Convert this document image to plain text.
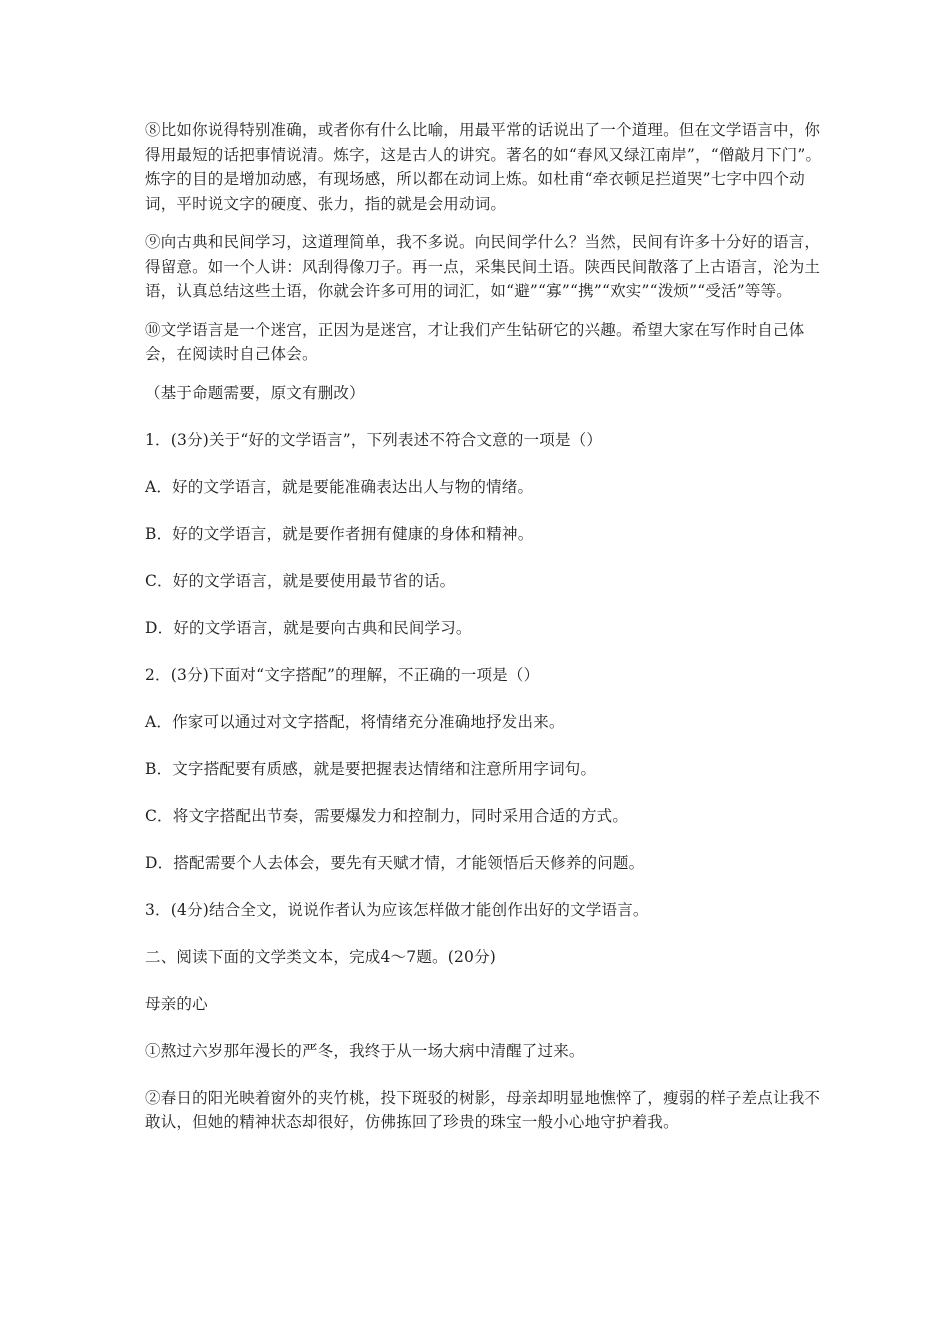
⑧比如你说得特别准确，或者你有什么比喻，用最平常的话说出了一个道理。但在文学语言中，你得用最短的话把事情说清。炼字，这是古人的讲究。著名的如“春风又绿江南岸”，“僧敲月下门”。炼字的目的是增加动感，有现场感，所以都在动词上炼。如杜甫“牵衣顿足拦道哭”七字中四个动词，平时说文字的硬度、张力，指的就是会用动词。

⑨向古典和民间学习，这道理简单，我不多说。向民间学什么？当然，民间有许多十分好的语言，得留意。如一个人讲：风刮得像刀子。再一点，采集民间土语。陕西民间散落了上古语言，沦为土语，认真总结这些土语，你就会许多可用的词汇，如“避”“寡”“携”“欢实”“泼烦”“受活”等等。

⑩文学语言是一个迷宫，正因为是迷宫，才让我们产生钻研它的兴趣。希望大家在写作时自己体会，在阅读时自己体会。

（基于命题需要，原文有删改）

1．(3分)关于“好的文学语言”，下列表述不符合文意的一项是（）

A．好的文学语言，就是要能准确表达出人与物的情绪。

B．好的文学语言，就是要作者拥有健康的身体和精神。

C．好的文学语言，就是要使用最节省的话。

D．好的文学语言，就是要向古典和民间学习。

2．(3分)下面对“文字搭配”的理解，不正确的一项是（）

A．作家可以通过对文字搭配，将情绪充分准确地抒发出来。

B．文字搭配要有质感，就是要把握表达情绪和注意所用字词句。

C．将文字搭配出节奏，需要爆发力和控制力，同时采用合适的方式。

D．搭配需要个人去体会，要先有天赋才情，才能领悟后天修养的问题。

3．(4分)结合全文，说说作者认为应该怎样做才能创作出好的文学语言。

二、阅读下面的文学类文本，完成4～7题。(20分)

母亲的心

①熬过六岁那年漫长的严冬，我终于从一场大病中清醒了过来。

②春日的阳光映着窗外的夹竹桃，投下斑驳的树影，母亲却明显地憔悴了，瘦弱的样子差点让我不敢认，但她的精神状态却很好，仿佛拣回了珍贵的珠宝一般小心地守护着我。
